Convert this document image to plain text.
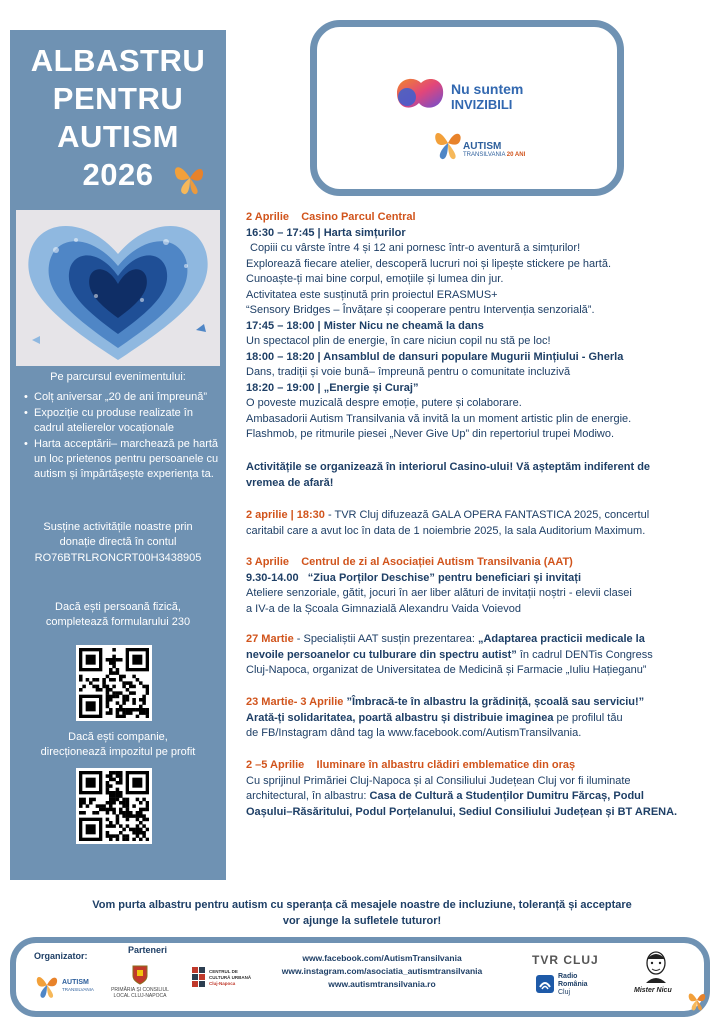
ALBASTRU
PENTRU
AUTISM
2026
Pe parcursul evenimentului:
• Colț aniversar „20 de ani împreună”
• Expoziție cu produse realizate în cadrul atelierelor vocaționale
• Harta acceptării– marchează pe hartă un loc prietenos pentru persoanele cu autism și împărtășește experiența ta.
Susține activitățile noastre prin donație directă în contul
RO76BTRLRONCRT00H3438905
Dacă ești persoană fizică, completează formularului 230
Dacă ești companie, direcționează impozitul pe profit
Nu suntem
INVIZIBILI
AUTISM
TRANSILVANIA 20 ANI
2 Aprilie Casino Parcul Central
16:30 – 17:45 | Harta simțurilor
Copiii cu vârste între 4 și 12 ani pornesc într-o aventură a simțurilor!
Explorează fiecare atelier, descoperă lucruri noi și lipește stickere pe hartă.
Cunoaște-ți mai bine corpul, emoțiile și lumea din jur.
Activitatea este susținută prin proiectul ERASMUS+
“Sensory Bridges – Învățare și cooperare pentru Intervenția senzorială”.
17:45 – 18:00 | Mister Nicu ne cheamă la dans
Un spectacol plin de energie, în care niciun copil nu stă pe loc!
18:00 – 18:20 | Ansamblul de dansuri populare Mugurii Mințiului - Gherla
Dans, tradiții și voie bună– împreună pentru o comunitate incluzivă
18:20 – 19:00 | „Energie și Curaj”
O poveste muzicală despre emoție, putere și colaborare.
Ambasadorii Autism Transilvania vă invită la un moment artistic plin de energie.
Flashmob, pe ritmurile piesei „Never Give Up” din repertoriul trupei Modiwo.
Activitățile se organizează în interiorul Casino-ului! Vă așteptăm indiferent de
vremea de afară!
2 aprilie | 18:30 - TVR Cluj difuzează GALA OPERA FANTASTICA 2025, concertul
caritabil care a avut loc în data de 1 noiembrie 2025, la sala Auditorium Maximum.
3 Aprilie Centrul de zi al Asociației Autism Transilvania (AAT)
9.30-14.00 “Ziua Porților Deschise” pentru beneficiari și invitați
Ateliere senzoriale, gătit, jocuri în aer liber alături de invitații noștri - elevii clasei
a IV-a de la Școala Gimnazială Alexandru Vaida Voievod
27 Martie - Specialiștii AAT susțin prezentarea: „Adaptarea practicii medicale la
nevoile persoanelor cu tulburare din spectru autist” în cadrul DENTis Congress
Cluj-Napoca, organizat de Universitatea de Medicină și Farmacie „Iuliu Hațieganu”
23 Martie- 3 Aprilie ”Îmbracă-te în albastru la grădiniță, școală sau serviciu!”
Arată-ți solidaritatea, poartă albastru și distribuie imaginea pe profilul tău
de FB/Instagram dând tag la www.facebook.com/AutismTransilvania.
2 –5 Aprilie Iluminare în albastru clădiri emblematice din oraș
Cu sprijinul Primăriei Cluj-Napoca și al Consiliului Județean Cluj vor fi iluminate
architectural, în albastru: Casa de Cultură a Studenților Dumitru Fărcaș, Podul
Oașului–Răsăritului, Podul Porțelanului, Sediul Consiliului Județean și BT ARENA.
Vom purta albastru pentru autism cu speranța că mesajele noastre de incluziune, toleranță și acceptare
vor ajunge la sufletele tuturor!
Organizator:
Parteneri
AUTISM
TRANSILVANIA	PRIMĂRIA ȘI CONSILIUL LOCAL CLUJ-NAPOCA
CENTRUL DE CULTURĂ URBANĂ
Cluj-Napoca
www.facebook.com/AutismTransilvania
www.instagram.com/asociatia_autismtransilvania
www.autismtransilvania.ro
TVR CLUJ
Radio
România
Cluj	Mister Nicu
